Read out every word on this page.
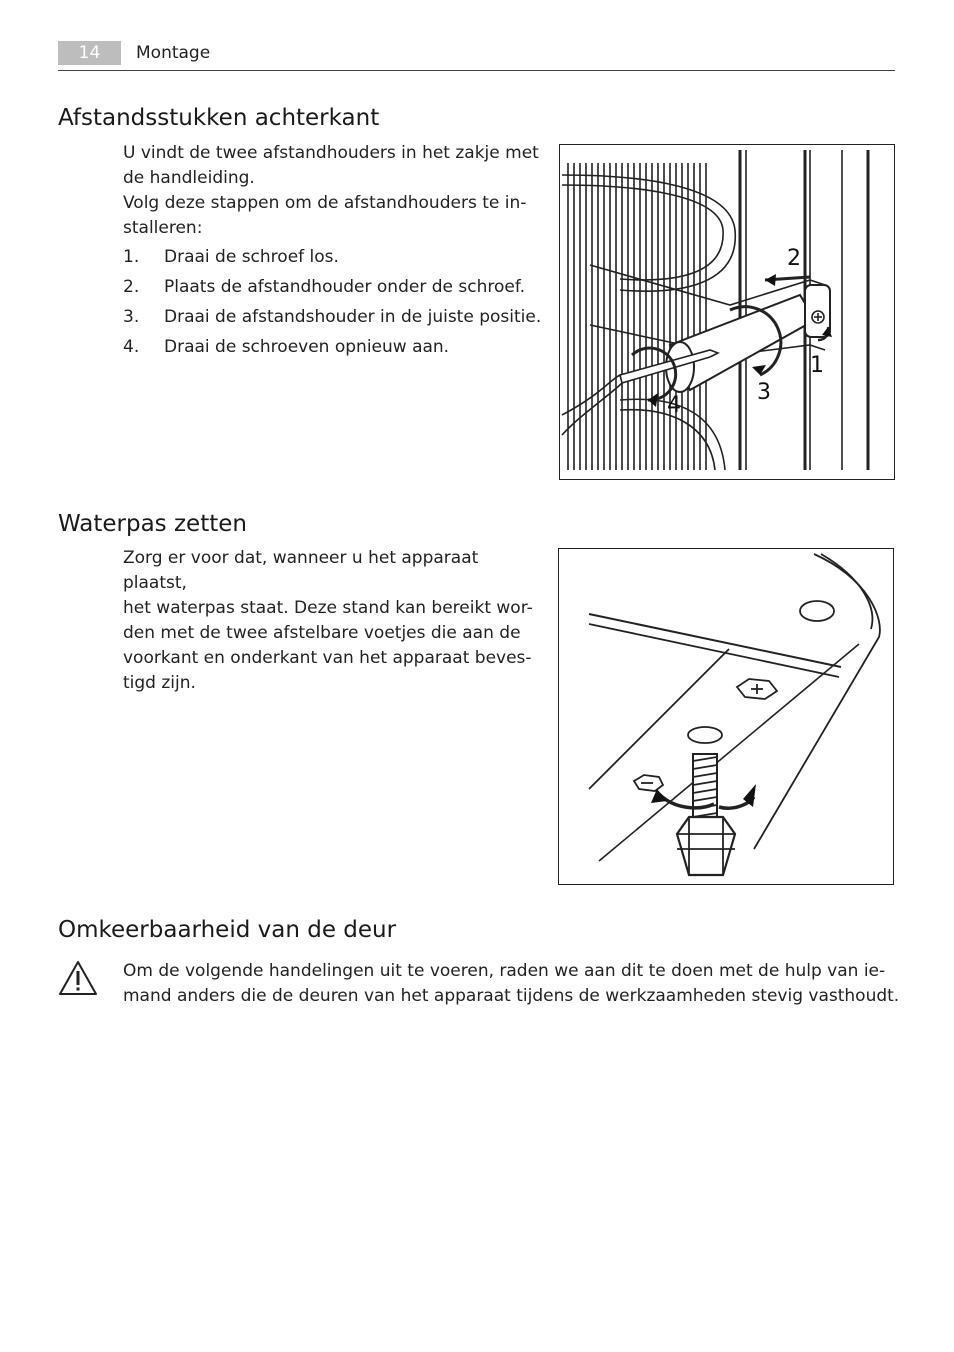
14	Montage
Afstandsstukken achterkant

U vindt de twee afstandhouders in het zakje met

de handleiding.

Volg deze stappen om de afstandhouders te in-

stalleren:

1. Draai de schroef los.
2. Plaats de afstandhouder onder de schroef.
3. Draai de afstandshouder in de juiste positie.
4. Draai de schroeven opnieuw aan.
2
1
3
4
Waterpas zetten

Zorg er voor dat, wanneer u het apparaat plaatst,

het waterpas staat. Deze stand kan bereikt wor-

den met de twee afstelbare voetjes die aan de

voorkant en onderkant van het apparaat beves-

tigd zijn.

Omkeerbaarheid van de deur

Om de volgende handelingen uit te voeren, raden we aan dit te doen met de hulp van ie-

mand anders die de deuren van het apparaat tijdens de werkzaamheden stevig vasthoudt.
